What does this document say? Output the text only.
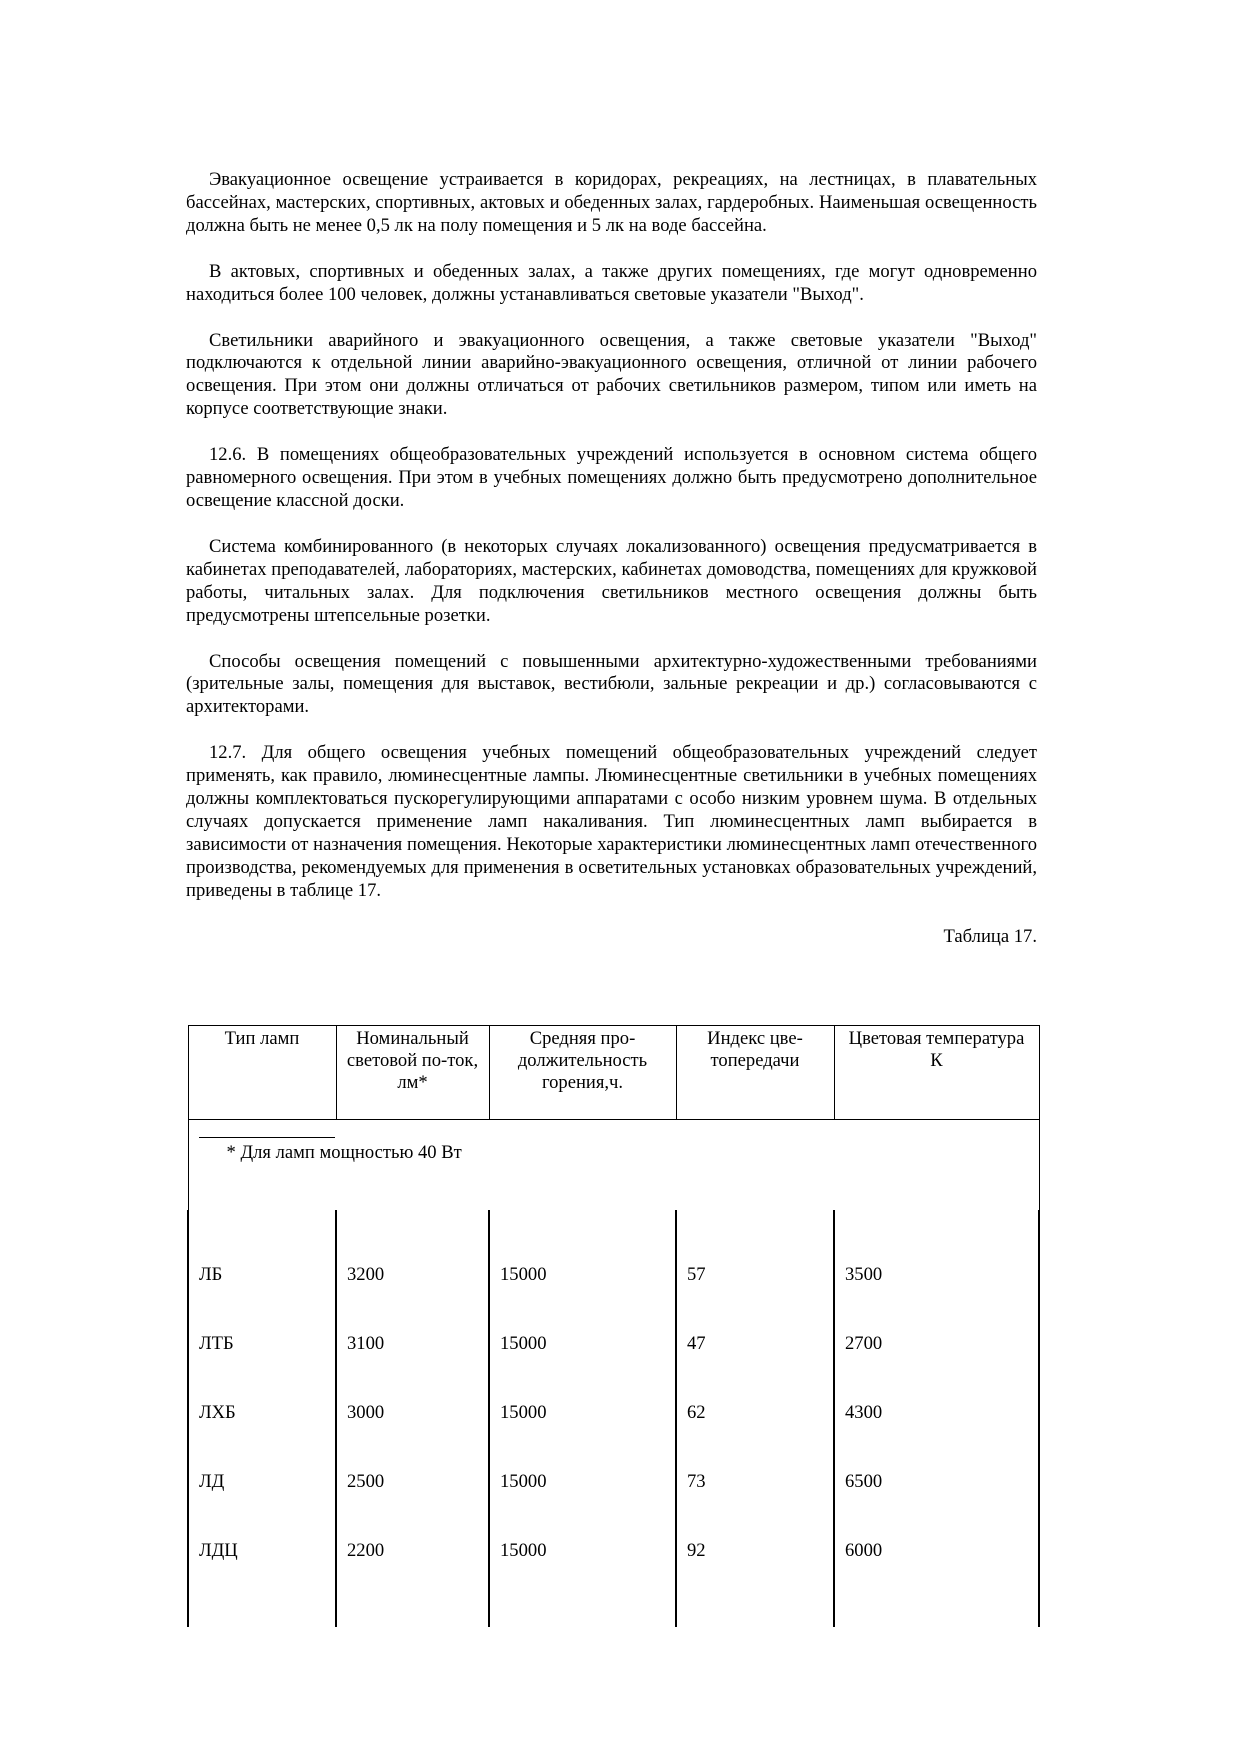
Эвакуационное освещение устраивается в коридорах, рекреациях, на лестницах, в плавательных бассейнах, мастерских, спортивных, актовых и обеденных залах, гардеробных. Наименьшая освещенность должна быть не менее 0,5 лк на полу помещения и 5 лк на воде бассейна.

В актовых, спортивных и обеденных залах, а также других помещениях, где могут одновременно находиться более 100 человек, должны устанавливаться световые указатели "Выход".

Светильники аварийного и эвакуационного освещения, а также световые указатели "Выход" подключаются к отдельной линии аварийно-эвакуационного освещения, отличной от линии рабочего освещения. При этом они должны отличаться от рабочих светильников размером, типом или иметь на корпусе соответствующие знаки.

12.6. В помещениях общеобразовательных учреждений используется в основном система общего равномерного освещения. При этом в учебных помещениях должно быть предусмотрено дополнительное освещение классной доски.

Система комбинированного (в некоторых случаях локализованного) освещения предусматривается в кабинетах преподавателей, лабораториях, мастерских, кабинетах домоводства, помещениях для кружковой работы, читальных залах. Для подключения светильников местного освещения должны быть предусмотрены штепсельные розетки.

Способы освещения помещений с повышенными архитектурно-художественными требованиями (зрительные залы, помещения для выставок, вестибюли, зальные рекреации и др.) согласовываются с архитекторами.

12.7. Для общего освещения учебных помещений общеобразовательных учреждений следует применять, как правило, люминесцентные лампы. Люминесцентные светильники в учебных помещениях должны комплектоваться пускорегулирующими аппаратами с особо низким уровнем шума. В отдельных случаях допускается применение ламп накаливания. Тип люминесцентных ламп выбирается в зависимости от назначения помещения. Некоторые характеристики люминесцентных ламп отечественного производства, рекомендуемых для применения в осветительных установках образовательных учреждений, приведены в таблице 17.

Таблица 17.

Тип ламп	Номинальный световой по-ток, лм*	Средняя про-должительность горения,ч.	Индекс цве-топередачи	Цветовая температура К

* Для ламп мощностью 40 Вт				

ЛБ	3200	15000	57	3500
ЛТБ	3100	15000	47	2700
ЛХБ	3000	15000	62	4300
ЛД	2500	15000	73	6500
ЛДЦ	2200	15000	92	6000
